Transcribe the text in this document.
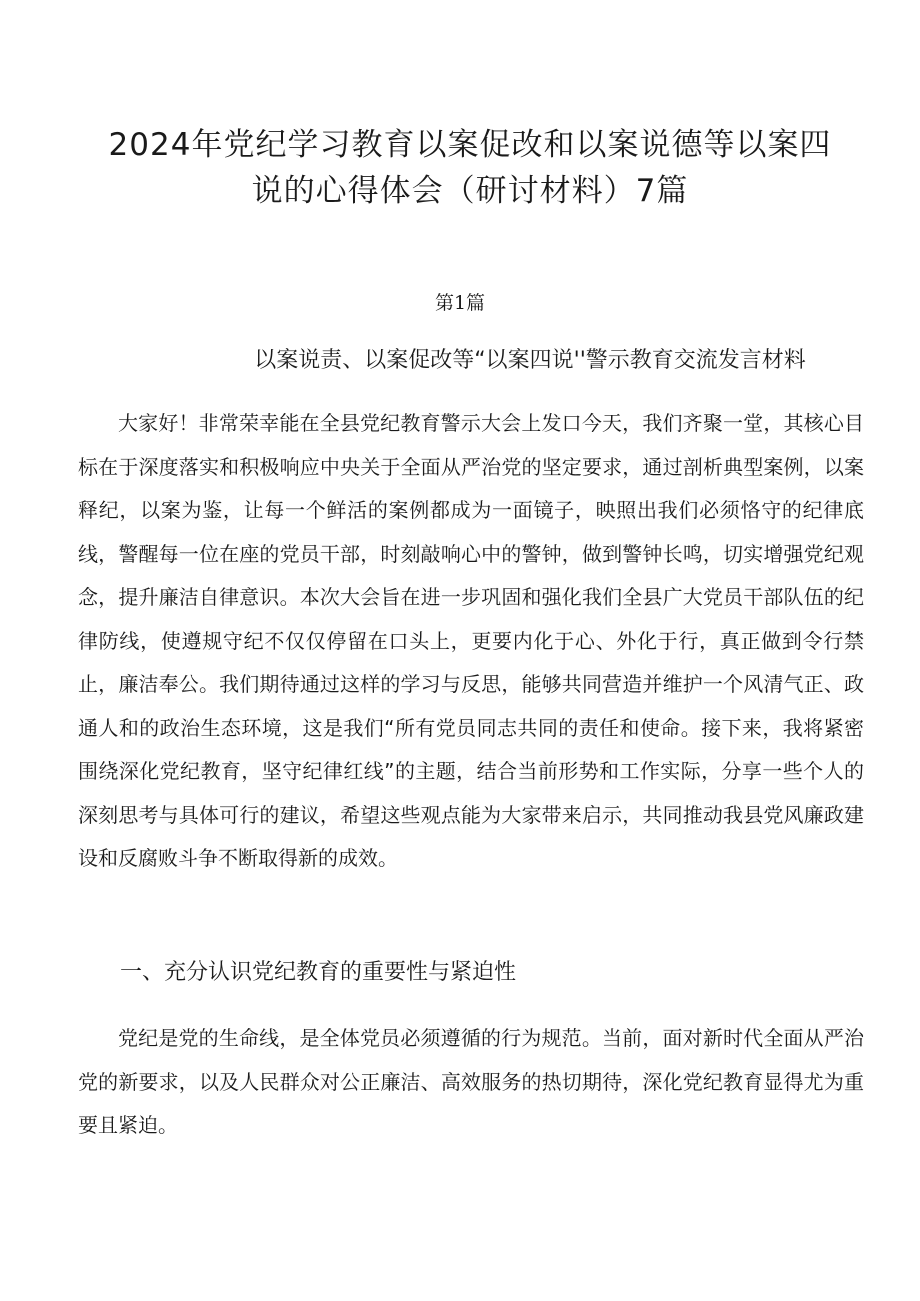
2024年党纪学习教育以案促改和以案说德等以案四
说的心得体会（研讨材料）7篇
第1篇
以案说责、以案促改等“以案四说''警示教育交流发言材料

大家好！非常荣幸能在全县党纪教育警示大会上发口今天，我们齐聚一堂，其核心目标在于深度落实和积极响应中央关于全面从严治党的坚定要求，通过剖析典型案例，以案释纪，以案为鉴，让每一个鲜活的案例都成为一面镜子，映照出我们必须恪守的纪律底线，警醒每一位在座的党员干部，时刻敲响心中的警钟，做到警钟长鸣，切实增强党纪观念，提升廉洁自律意识。本次大会旨在进一步巩固和强化我们全县广大党员干部队伍的纪律防线，使遵规守纪不仅仅停留在口头上，更要内化于心、外化于行，真正做到令行禁止，廉洁奉公。我们期待通过这样的学习与反思，能够共同营造并维护一个风清气正、政通人和的政治生态环境，这是我们“所有党员同志共同的责任和使命。接下来，我将紧密围绕深化党纪教育，坚守纪律红线”的主题，结合当前形势和工作实际，分享一些个人的深刻思考与具体可行的建议，希望这些观点能为大家带来启示，共同推动我县党风廉政建设和反腐败斗争不断取得新的成效。

一、充分认识党纪教育的重要性与紧迫性

党纪是党的生命线，是全体党员必须遵循的行为规范。当前，面对新时代全面从严治党的新要求，以及人民群众对公正廉洁、高效服务的热切期待，深化党纪教育显得尤为重要且紧迫。
